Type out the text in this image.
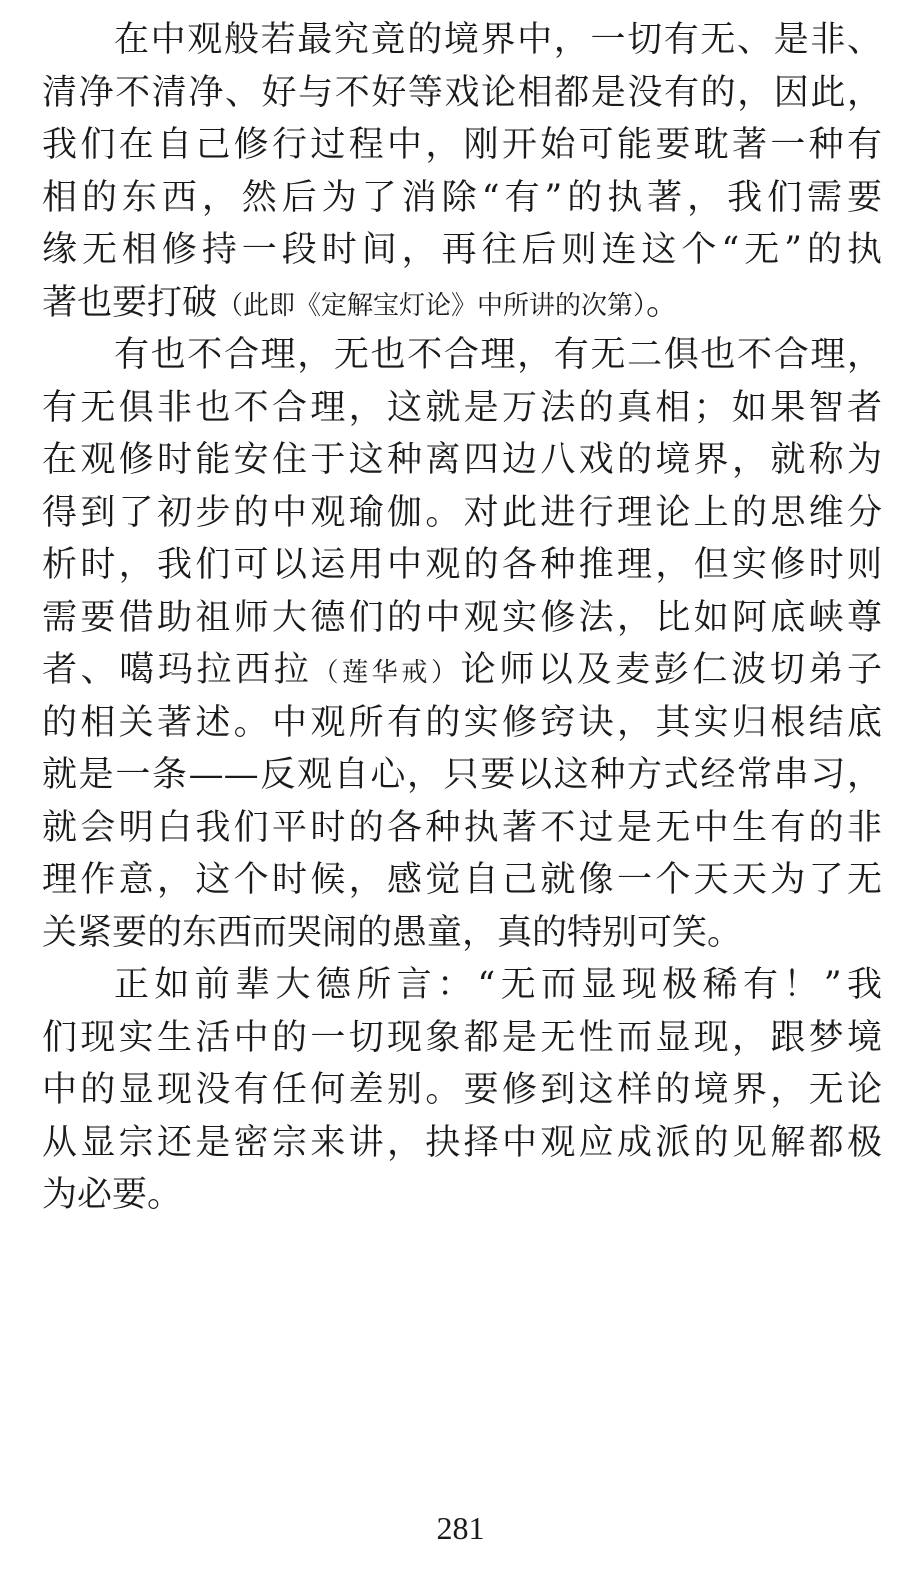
在中观般若最究竟的境界中，一切有无、是非、
清净不清净、好与不好等戏论相都是没有的，因此，
我们在自己修行过程中，刚开始可能要耽著一种有
相的东西，然后为了消除“有”的执著，我们需要
缘无相修持一段时间，再往后则连这个“无”的执
著也要打破（此即《定解宝灯论》中所讲的次第）。
有也不合理，无也不合理，有无二俱也不合理，
有无俱非也不合理，这就是万法的真相；如果智者
在观修时能安住于这种离四边八戏的境界，就称为
得到了初步的中观瑜伽。对此进行理论上的思维分
析时，我们可以运用中观的各种推理，但实修时则
需要借助祖师大德们的中观实修法，比如阿底峡尊
者、噶玛拉西拉（莲华戒）论师以及麦彭仁波切弟子
的相关著述。中观所有的实修窍诀，其实归根结底
就是一条——反观自心，只要以这种方式经常串习，
就会明白我们平时的各种执著不过是无中生有的非
理作意，这个时候，感觉自己就像一个天天为了无
关紧要的东西而哭闹的愚童，真的特别可笑。
正如前辈大德所言：“无而显现极稀有！”我
们现实生活中的一切现象都是无性而显现，跟梦境
中的显现没有任何差别。要修到这样的境界，无论
从显宗还是密宗来讲，抉择中观应成派的见解都极
为必要。
281
